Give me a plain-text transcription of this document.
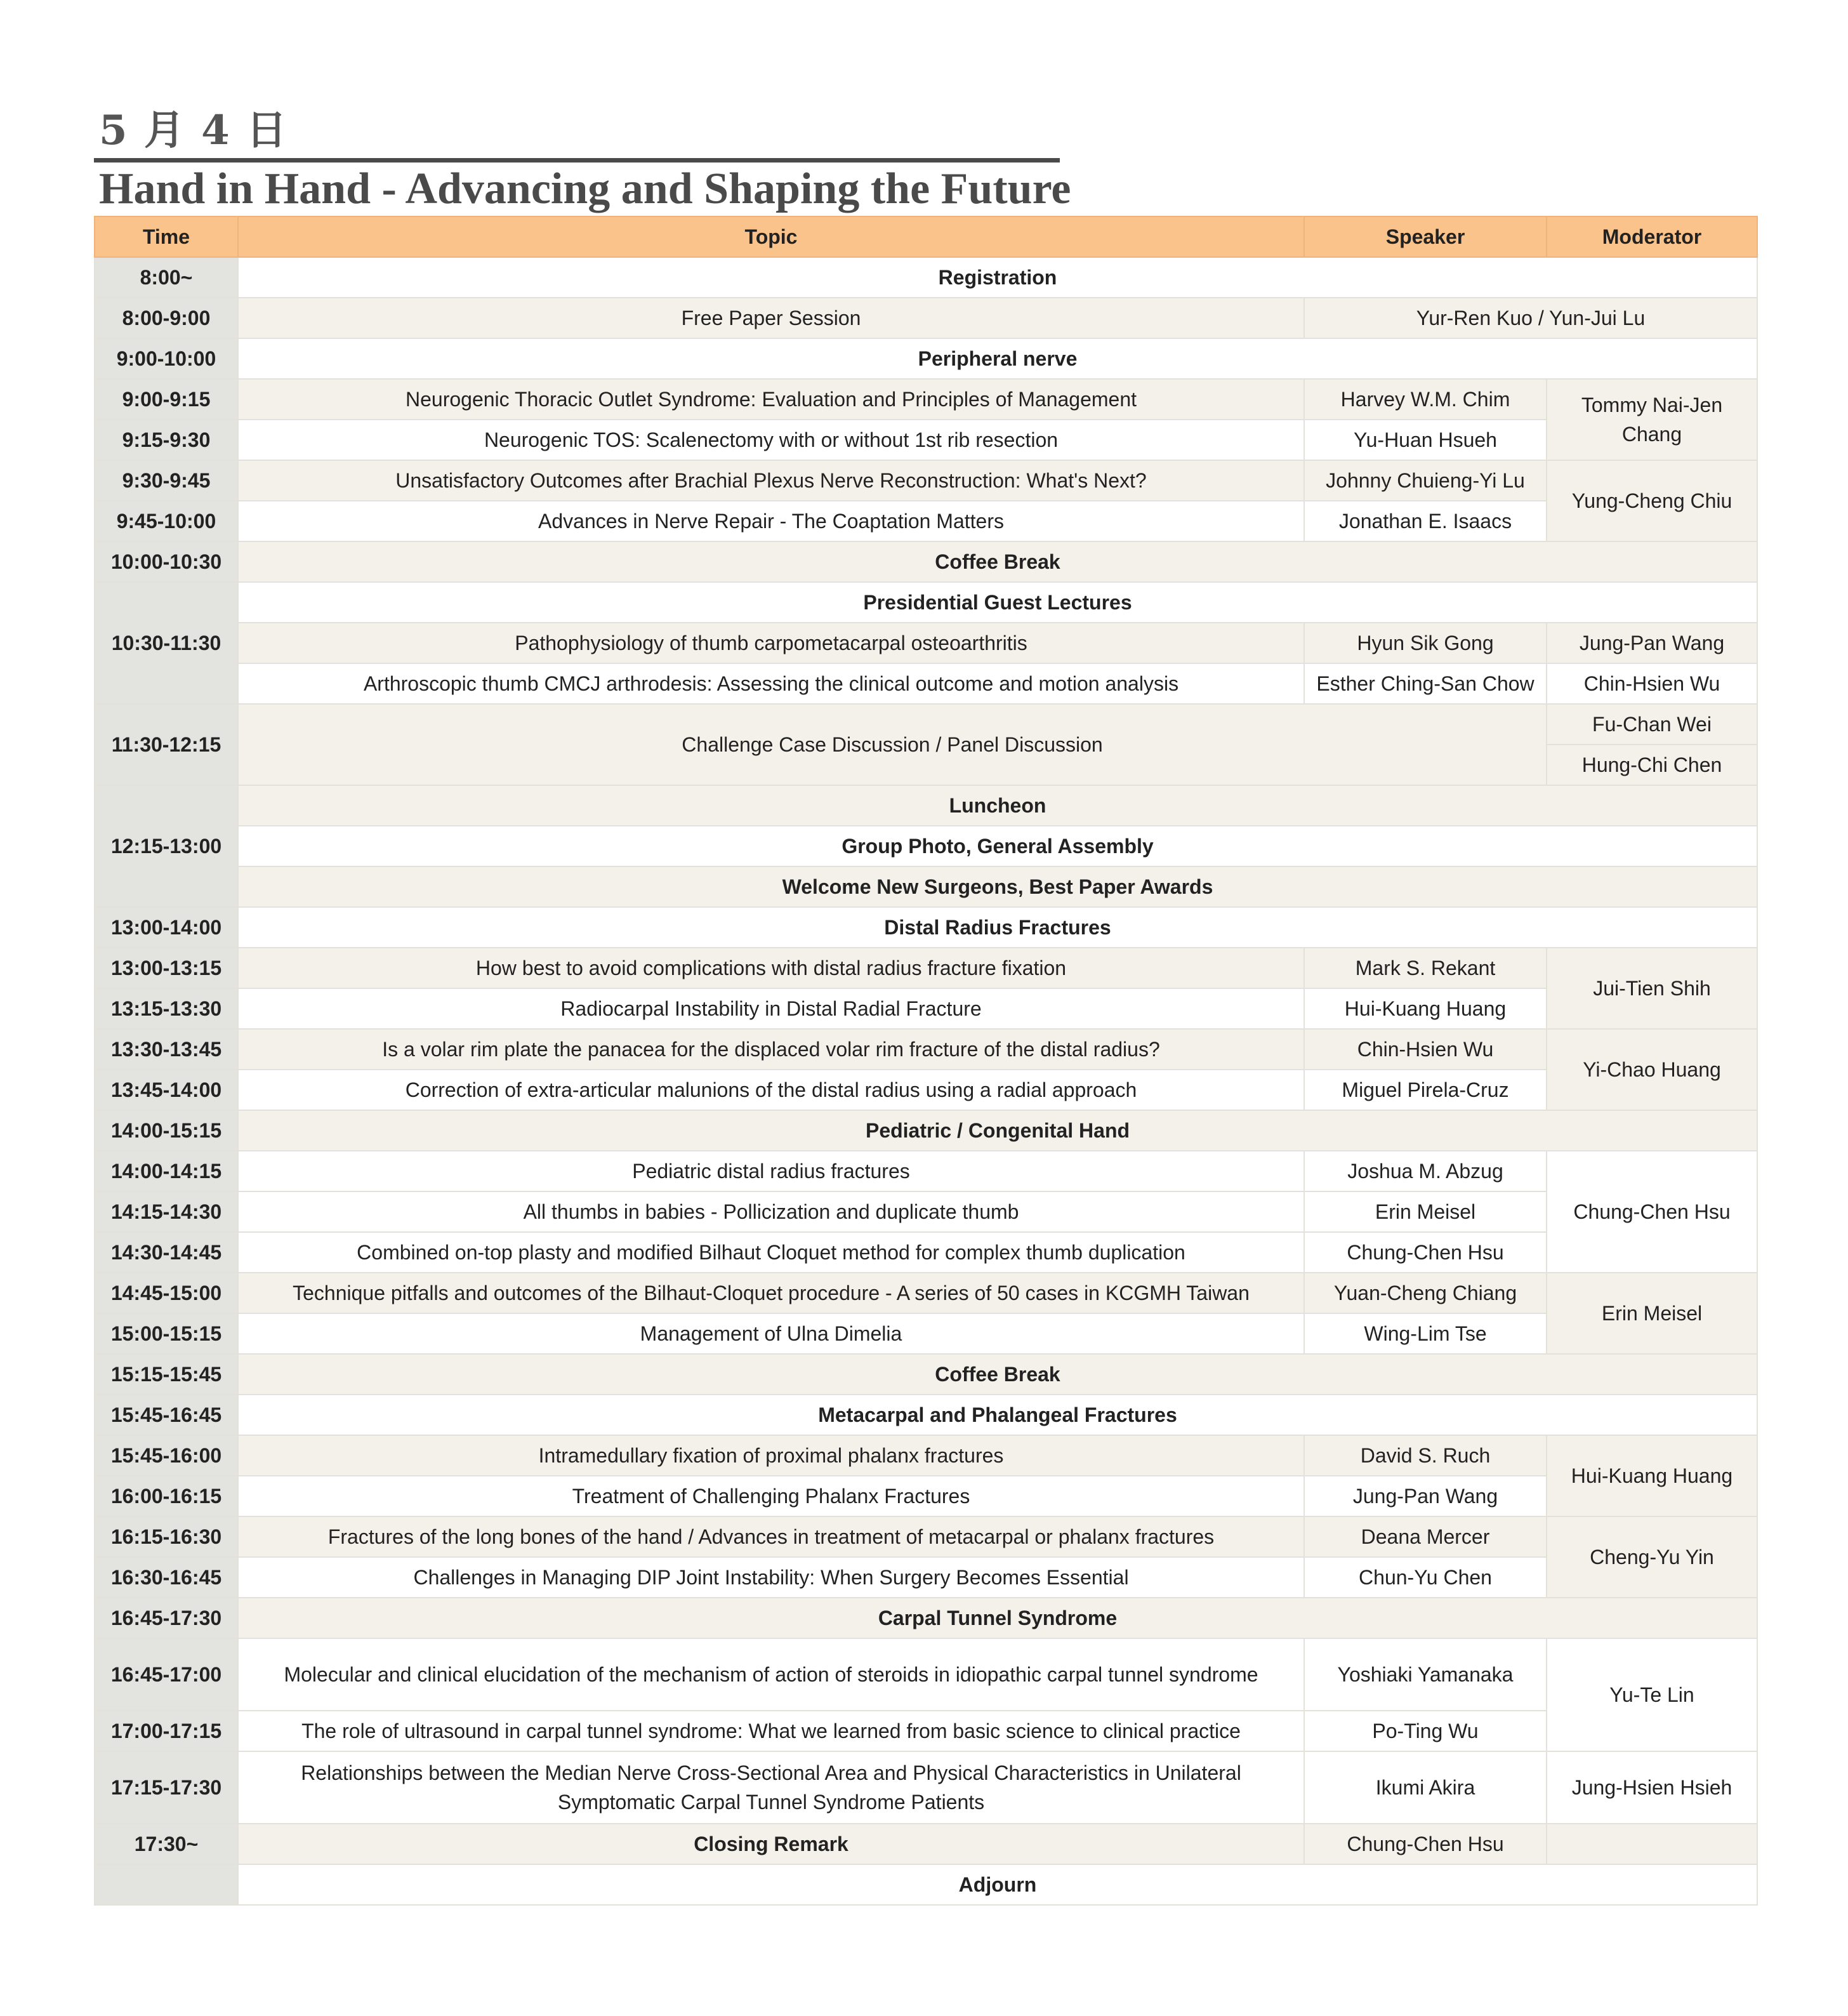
5 月 4 日
Hand in Hand - Advancing and Shaping the Future
Time	Topic	Speaker	Moderator
8:00~	Registration		
8:00-9:00	Free Paper Session	Yur-Ren Kuo / Yun-Jui Lu	
9:00-10:00	Peripheral nerve		
9:00-9:15	Neurogenic Thoracic Outlet Syndrome: Evaluation and Principles of Management	Harvey W.M. Chim	Tommy Nai-Jen Chang
9:15-9:30	Neurogenic TOS: Scalenectomy with or without 1st rib resection	Yu-Huan Hsueh	
9:30-9:45	Unsatisfactory Outcomes after Brachial Plexus Nerve Reconstruction: What's Next?	Johnny Chuieng-Yi Lu	Yung-Cheng Chiu
9:45-10:00	Advances in Nerve Repair - The Coaptation Matters	Jonathan E. Isaacs	
10:00-10:30	Coffee Break		
10:30-11:30	Presidential Guest Lectures		
	Pathophysiology of thumb carpometacarpal osteoarthritis	Hyun Sik Gong	Jung-Pan Wang
	Arthroscopic thumb CMCJ arthrodesis: Assessing the clinical outcome and motion analysis	Esther Ching-San Chow	Chin-Hsien Wu
11:30-12:15	Challenge Case Discussion / Panel Discussion		Fu-Chan Wei
			Hung-Chi Chen
12:15-13:00	Luncheon		
	Group Photo, General Assembly		
	Welcome New Surgeons, Best Paper Awards		
13:00-14:00	Distal Radius Fractures		
13:00-13:15	How best to avoid complications with distal radius fracture fixation	Mark S. Rekant	Jui-Tien Shih
13:15-13:30	Radiocarpal Instability in Distal Radial Fracture	Hui-Kuang Huang	
13:30-13:45	Is a volar rim plate the panacea for the displaced volar rim fracture of the distal radius?	Chin-Hsien Wu	Yi-Chao Huang
13:45-14:00	Correction of extra-articular malunions of the distal radius using a radial approach	Miguel Pirela-Cruz	
14:00-15:15	Pediatric / Congenital Hand		
14:00-14:15	Pediatric distal radius fractures	Joshua M. Abzug	Chung-Chen Hsu
14:15-14:30	All thumbs in babies - Pollicization and duplicate thumb	Erin Meisel	
14:30-14:45	Combined on-top plasty and modified Bilhaut Cloquet method for complex thumb duplication	Chung-Chen Hsu	
14:45-15:00	Technique pitfalls and outcomes of the Bilhaut-Cloquet procedure - A series of 50 cases in KCGMH Taiwan	Yuan-Cheng Chiang	Erin Meisel
15:00-15:15	Management of Ulna Dimelia	Wing-Lim Tse	
15:15-15:45	Coffee Break		
15:45-16:45	Metacarpal and Phalangeal Fractures		
15:45-16:00	Intramedullary fixation of proximal phalanx fractures	David S. Ruch	Hui-Kuang Huang
16:00-16:15	Treatment of Challenging Phalanx Fractures	Jung-Pan Wang	
16:15-16:30	Fractures of the long bones of the hand / Advances in treatment of metacarpal or phalanx fractures	Deana Mercer	Cheng-Yu Yin
16:30-16:45	Challenges in Managing DIP Joint Instability: When Surgery Becomes Essential	Chun-Yu Chen	
16:45-17:30	Carpal Tunnel Syndrome		
16:45-17:00	Molecular and clinical elucidation of the mechanism of action of steroids in idiopathic carpal tunnel syndrome	Yoshiaki Yamanaka	Yu-Te Lin
17:00-17:15	The role of ultrasound in carpal tunnel syndrome: What we learned from basic science to clinical practice	Po-Ting Wu	
17:15-17:30	Relationships between the Median Nerve Cross-Sectional Area and Physical Characteristics in Unilateral Symptomatic Carpal Tunnel Syndrome Patients	Ikumi Akira	Jung-Hsien Hsieh
17:30~	Closing Remark	Chung-Chen Hsu	
	Adjourn		
